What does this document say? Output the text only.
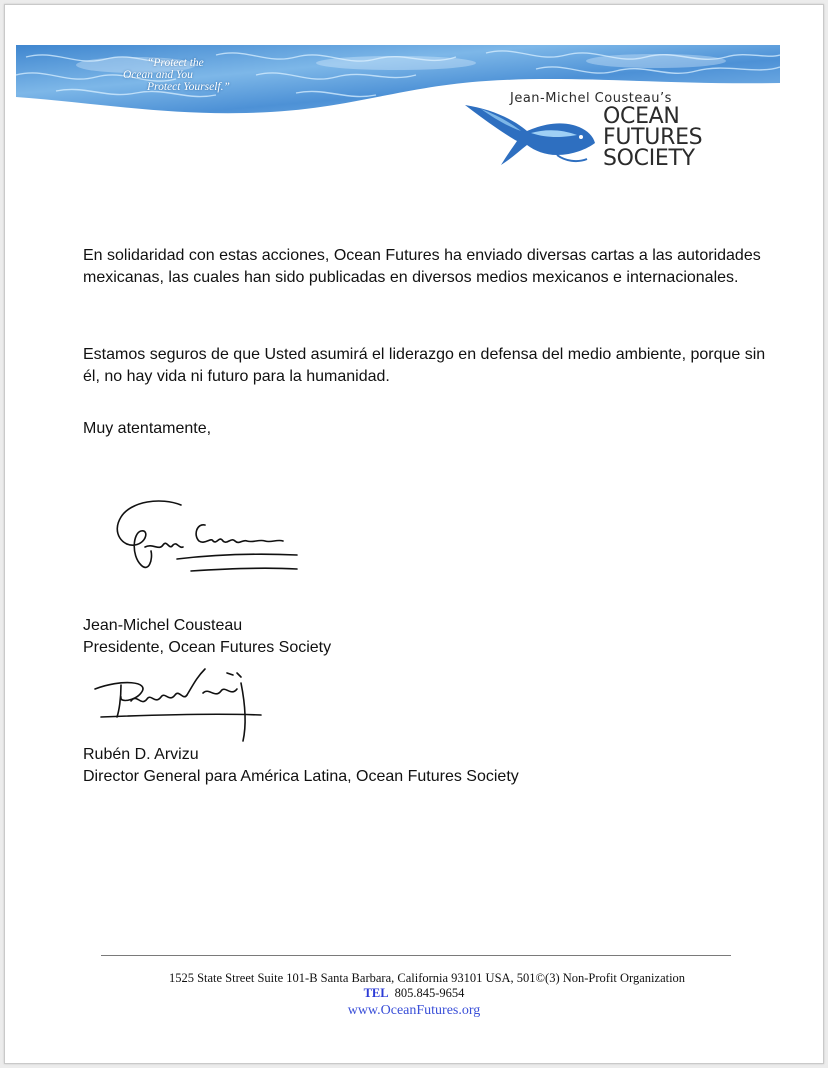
“Protect the
Ocean and You
Protect Yourself.”
Jean-Michel Cousteau’s
OCEAN
FUTURES
SOCIETY
En solidaridad con estas acciones, Ocean Futures ha enviado diversas cartas a las autoridades mexicanas, las cuales han sido publicadas en diversos medios mexicanos e internacionales.
Estamos seguros de que Usted asumirá el liderazgo en defensa del medio ambiente, porque sin él, no hay vida ni futuro para la humanidad.
Muy atentamente,
Jean-Michel Cousteau
Presidente, Ocean Futures Society
Rubén D. Arvizu
Director General para América Latina, Ocean Futures Society
1525 State Street Suite 101-B Santa Barbara, California 93101 USA, 501©(3) Non-Profit Organization
TEL 805.845-9654
www.OceanFutures.org
